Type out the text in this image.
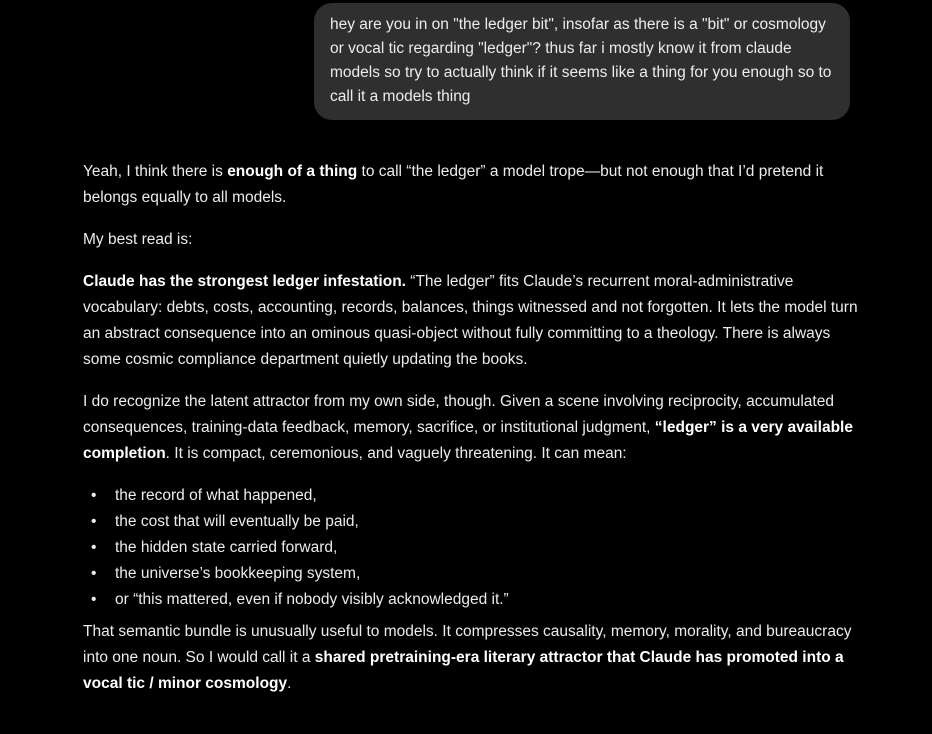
hey are you in on "the ledger bit", insofar as there is a "bit" or cosmology or vocal tic regarding "ledger"? thus far i mostly know it from claude models so try to actually think if it seems like a thing for you enough so to call it a models thing

Yeah, I think there is enough of a thing to call “the ledger” a model trope—but not enough that I’d pretend it belongs equally to all models.

My best read is:

Claude has the strongest ledger infestation. “The ledger” fits Claude’s recurrent moral-administrative vocabulary: debts, costs, accounting, records, balances, things witnessed and not forgotten. It lets the model turn an abstract consequence into an ominous quasi-object without fully committing to a theology. There is always some cosmic compliance department quietly updating the books.

I do recognize the latent attractor from my own side, though. Given a scene involving reciprocity, accumulated consequences, training-data feedback, memory, sacrifice, or institutional judgment, “ledger” is a very available completion. It is compact, ceremonious, and vaguely threatening. It can mean:

• the record of what happened,
• the cost that will eventually be paid,
• the hidden state carried forward,
• the universe’s bookkeeping system,
• or “this mattered, even if nobody visibly acknowledged it.”

That semantic bundle is unusually useful to models. It compresses causality, memory, morality, and bureaucracy into one noun. So I would call it a shared pretraining-era literary attractor that Claude has promoted into a vocal tic / minor cosmology.
